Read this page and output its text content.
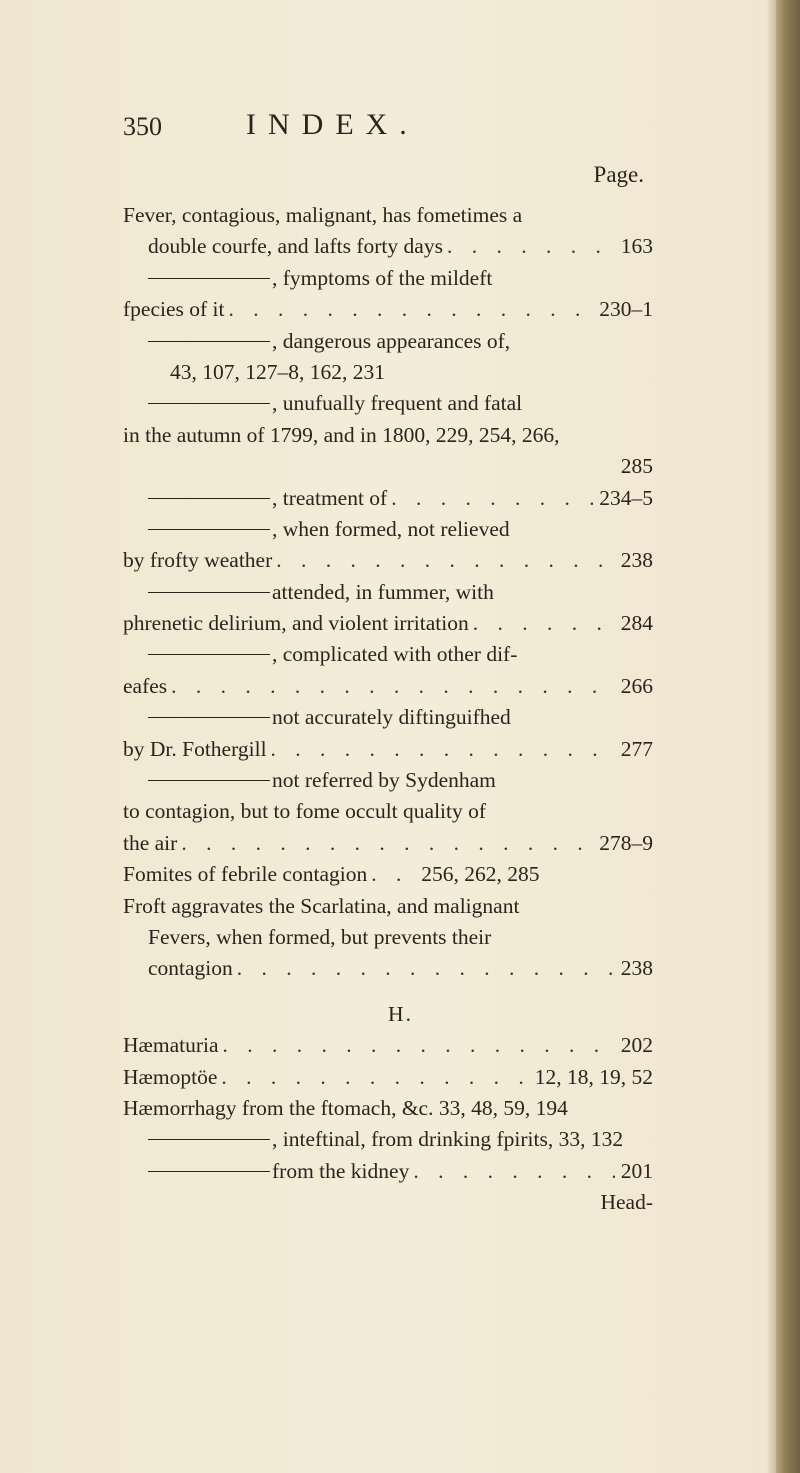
350	INDEX.
Page.
Fever, contagious, malignant, has fometimes a
double courfe, and lafts forty days . . .	163
, fymptoms of the mildeft
fpecies of it . . .	230–1
, dangerous appearances of,
43, 107, 127–8, 162, 231
, unufually frequent and fatal
in the autumn of 1799, and in 1800, 229, 254, 266,
285
, treatment of . . .	234–5
, when formed, not relieved
by frofty weather . . .	238
attended, in fummer, with
phrenetic delirium, and violent irritation . . .	284
, complicated with other dif-
eafes . . .	266
not accurately diftinguifhed
by Dr. Fothergill . . .	277
not referred by Sydenham
to contagion, but to fome occult quality of
the air . . .	278–9
Fomites of febrile contagion . . .	256, 262, 285
Froft aggravates the Scarlatina, and malignant
Fevers, when formed, but prevents their
contagion . . .	238
H.
Hæmaturia . . .	202
Hæmoptöe . . .	12, 18, 19, 52
Hæmorrhagy from the ftomach, &c. 33, 48, 59, 194
, inteftinal, from drinking fpirits, 33, 132
from the kidney . . .	201
Head-
